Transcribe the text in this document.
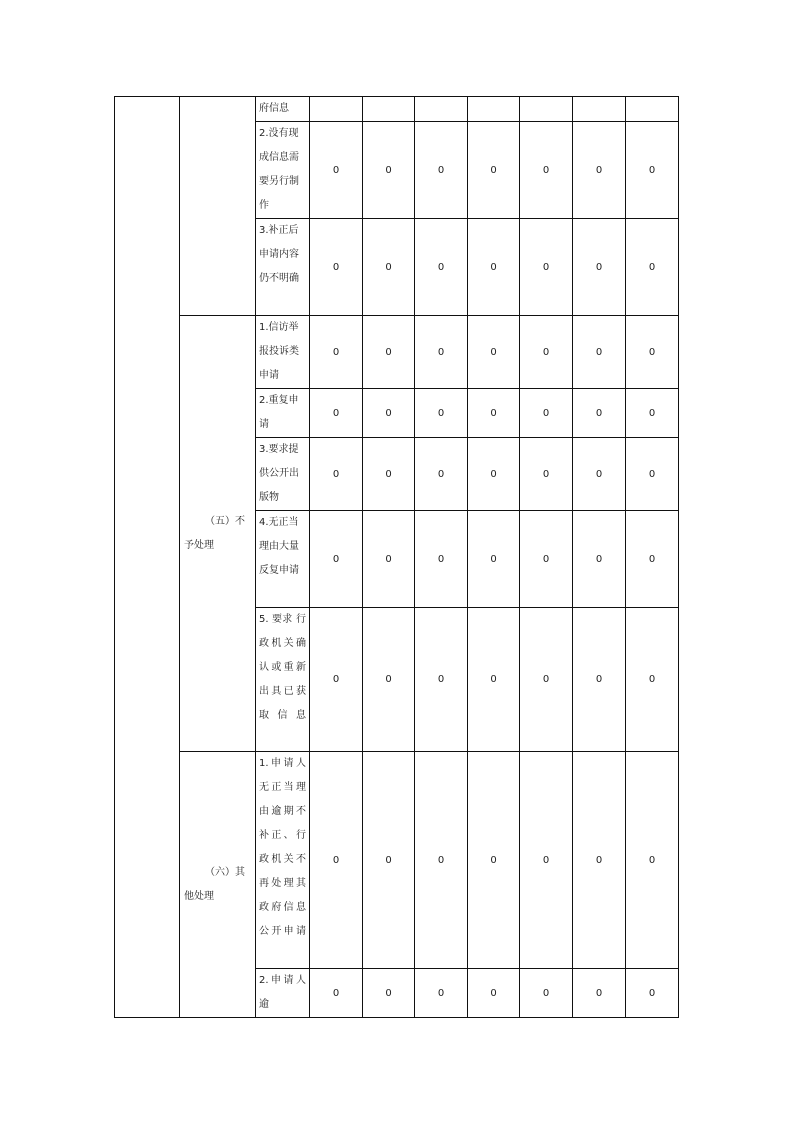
		府信息							
		2.没有现成信息需要另行制作	0	0	0	0	0	0	0
		3.补正后申请内容仍不明确	0	0	0	0	0	0	0
	（五）不予处理	1.信访举报投诉类申请	0	0	0	0	0	0	0
		2.重复申请	0	0	0	0	0	0	0
		3.要求提供公开出版物	0	0	0	0	0	0	0
		4.无正当理由大量反复申请	0	0	0	0	0	0	0
		5. 要求 行政机关确认或重新出具已获取信息	0	0	0	0	0	0	0
	（六）其他处理	1.申请人无正当理由逾期不补正、行政机关不再处理其政府信息公开申请	0	0	0	0	0	0	0
		2.申请人逾	0	0	0	0	0	0	0
